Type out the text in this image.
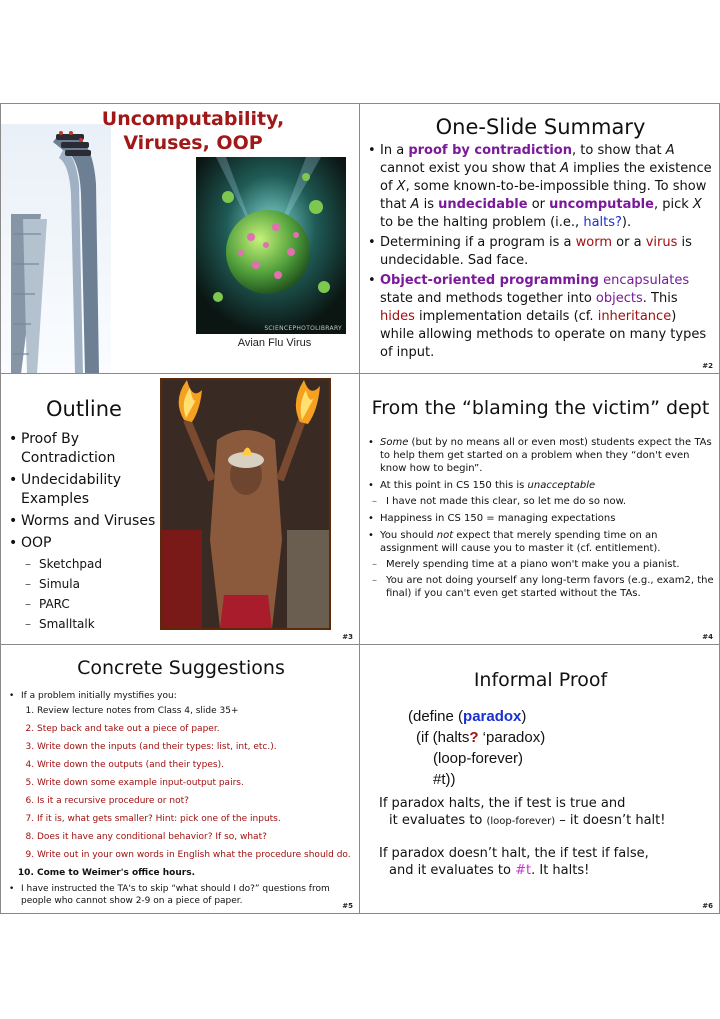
Uncomputability,
Viruses, OOP
SCIENCEPHOTOLIBRARY
Avian Flu Virus
One-Slide Summary
• In a proof by contradiction, to show that A cannot exist you show that A implies the existence of X, some known-to-be-impossible thing. To show that A is undecidable or uncomputable, pick X to be the halting problem (i.e., halts?).
• Determining if a program is a worm or a virus is undecidable. Sad face.
• Object-oriented programming encapsulates state and methods together into objects. This hides implementation details (cf. inheritance) while allowing methods to operate on many types of input.
#2
Outline
• Proof By Contradiction
• Undecidability Examples
• Worms and Viruses
• OOP
– Sketchpad
– Simula
– PARC
– Smalltalk
#3
From the “blaming the victim” dept
• Some (but by no means all or even most) students expect the TAs to help them get started on a problem when they “don't even know how to begin”.
• At this point in CS 150 this is unacceptable
– I have not made this clear, so let me do so now.
• Happiness in CS 150 = managing expectations
• You should not expect that merely spending time on an assignment will cause you to master it (cf. entitlement).
– Merely spending time at a piano won't make you a pianist.
– You are not doing yourself any long-term favors (e.g., exam2, the final) if you can't even get started without the TAs.
#4
Concrete Suggestions
• If a problem initially mystifies you:
1. Review lecture notes from Class 4, slide 35+
2. Step back and take out a piece of paper.
3. Write down the inputs (and their types: list, int, etc.).
4. Write down the outputs (and their types).
5. Write down some example input-output pairs.
6. Is it a recursive procedure or not?
7. If it is, what gets smaller? Hint: pick one of the inputs.
8. Does it have any conditional behavior? If so, what?
9. Write out in your own words in English what the procedure should do.
10. Come to Weimer's office hours.
• I have instructed the TA's to skip “what should I do?” questions from people who cannot show 2-9 on a piece of paper.	#5
Informal Proof
(define (paradox)
(if (halts? ‘paradox)
(loop-forever)
#t))
If paradox halts, the if test is true and
it evaluates to (loop-forever) – it doesn’t halt!
If paradox doesn’t halt, the if test if false,
and it evaluates to #t. It halts!
#6
